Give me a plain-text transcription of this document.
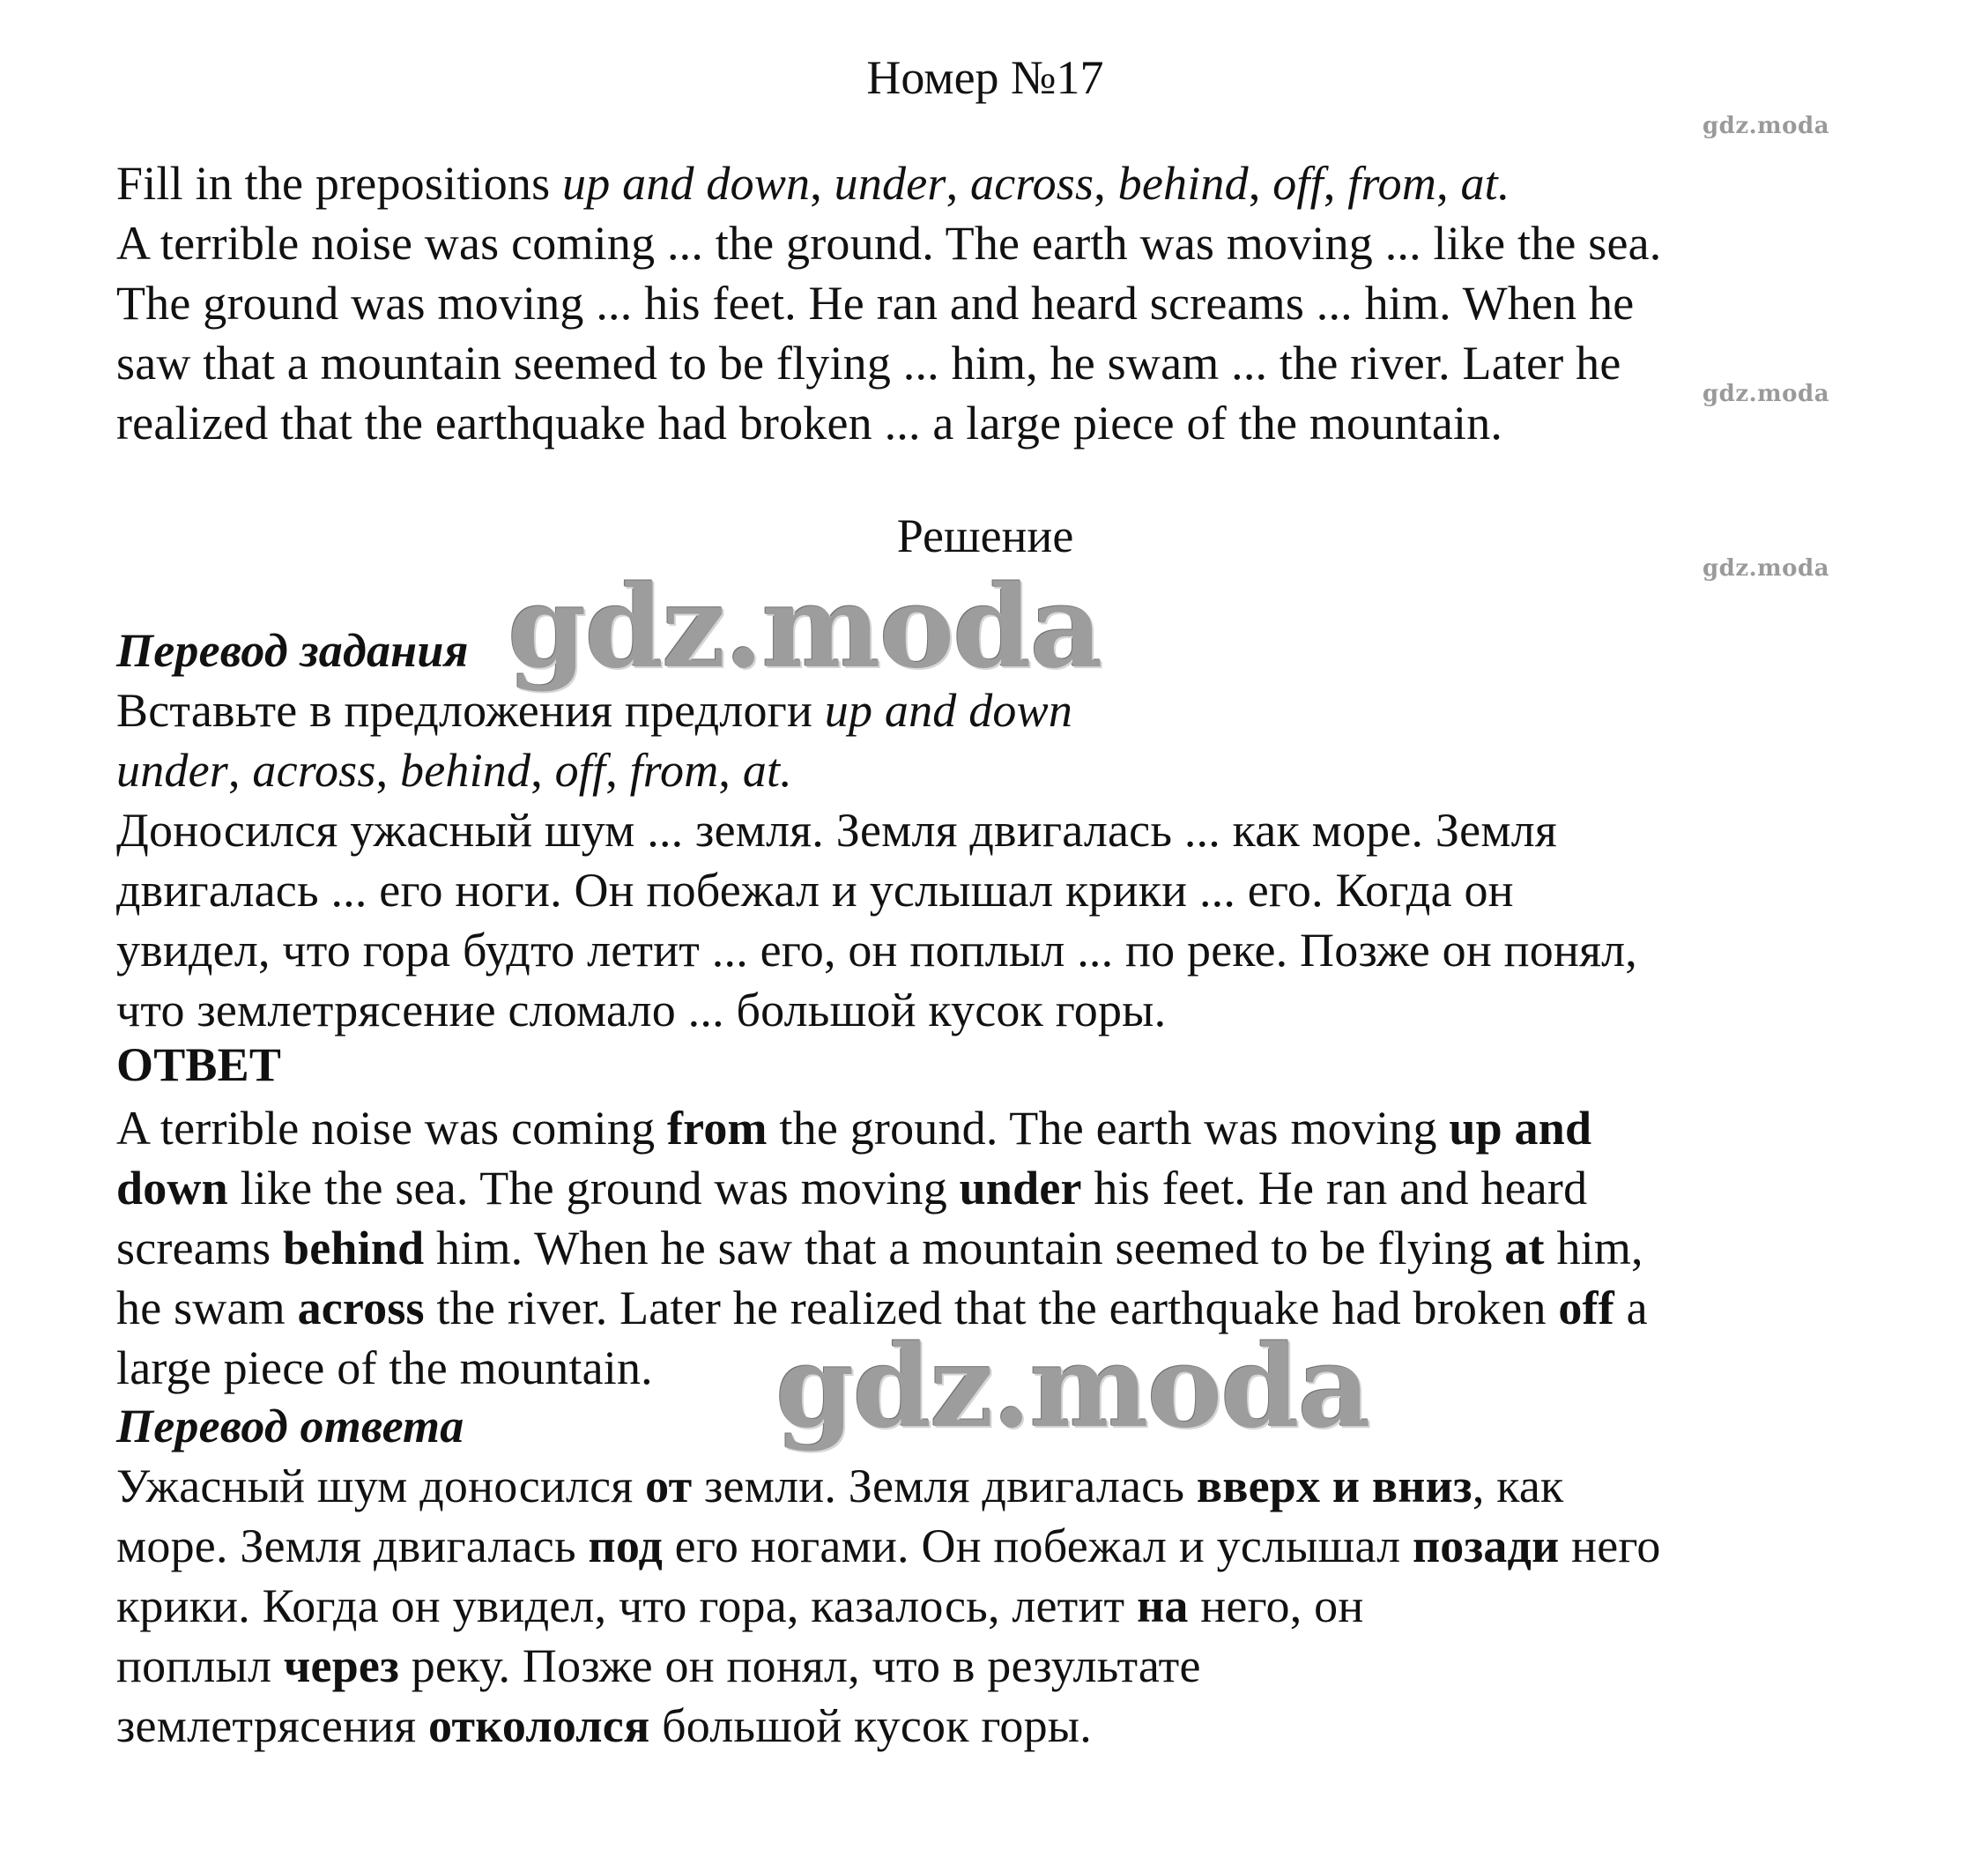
Номер №17
gdz.moda
gdz.moda
gdz.moda
Fill in the prepositions up and down, under, across, behind, off, from, at.
A terrible noise was coming ... the ground. The earth was moving ... like the sea.
The ground was moving ... his feet. He ran and heard screams ... him. When he
saw that a mountain seemed to be flying ... him, he swam ... the river. Later he
realized that the earthquake had broken ... a large piece of the mountain.
Решение
Перевод задания gdz.moda
Вставьте в предложения предлоги up and down
under, across, behind, off, from, at.
Доносился ужасный шум ... земля. Земля двигалась ... как море. Земля
двигалась ... его ноги. Он побежал и услышал крики ... его. Когда он
увидел, что гора будто летит ... его, он поплыл ... по реке. Позже он понял,
что землетрясение сломало ... большой кусок горы.
ОТВЕТ
A terrible noise was coming from the ground. The earth was moving up and
down like the sea. The ground was moving under his feet. He ran and heard
screams behind him. When he saw that a mountain seemed to be flying at him,
he swam across the river. Later he realized that the earthquake had broken off a
large piece of the mountain. gdz.moda
Перевод ответа
Ужасный шум доносился от земли. Земля двигалась вверх и вниз, как
море. Земля двигалась под его ногами. Он побежал и услышал позади него
крики. Когда он увидел, что гора, казалось, летит на него, он
поплыл через реку. Позже он понял, что в результате
землетрясения откололся большой кусок горы.
